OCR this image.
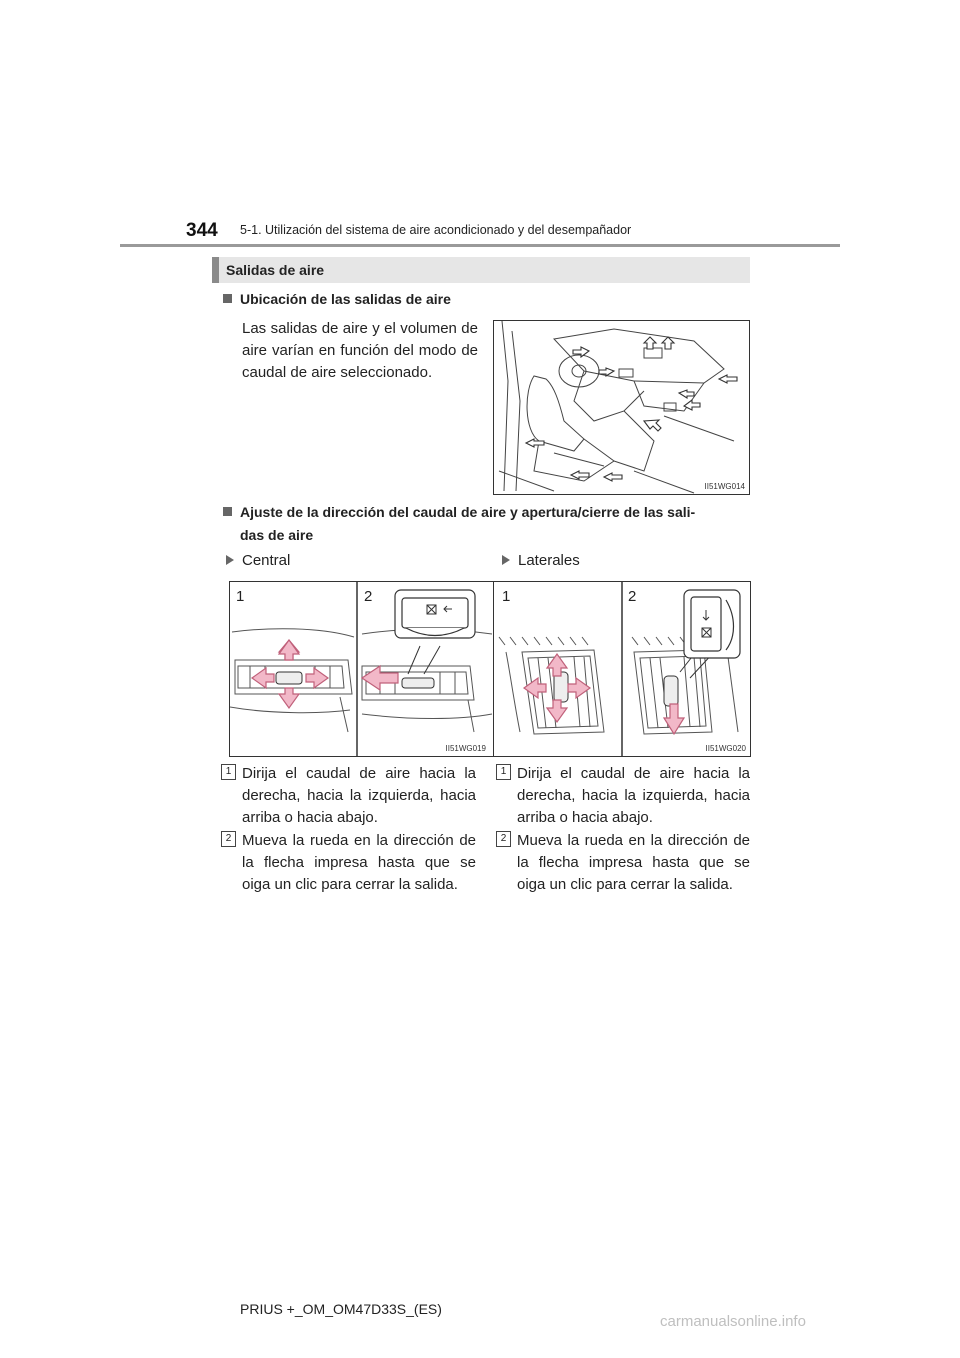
344 5-1. Utilización del sistema de aire acondicionado y del desempañador
Salidas de aire
Ubicación de las salidas de aire
Las salidas de aire y el volumen de aire varían en función del modo de caudal de aire seleccionado.
II51WG014
Ajuste de la dirección del caudal de aire y apertura/cierre de las sali-
das de aire
Central	Laterales
1	2
II51WG019
1	2
II51WG020
1 Dirija el caudal de aire hacia la derecha, hacia la izquierda, hacia arriba o hacia abajo.
2 Mueva la rueda en la dirección de la flecha impresa hasta que se oiga un clic para cerrar la salida.
1 Dirija el caudal de aire hacia la derecha, hacia la izquierda, hacia arriba o hacia abajo.
2 Mueva la rueda en la dirección de la flecha impresa hasta que se oiga un clic para cerrar la salida.
PRIUS +_OM_OM47D33S_(ES)
carmanualsonline.info
